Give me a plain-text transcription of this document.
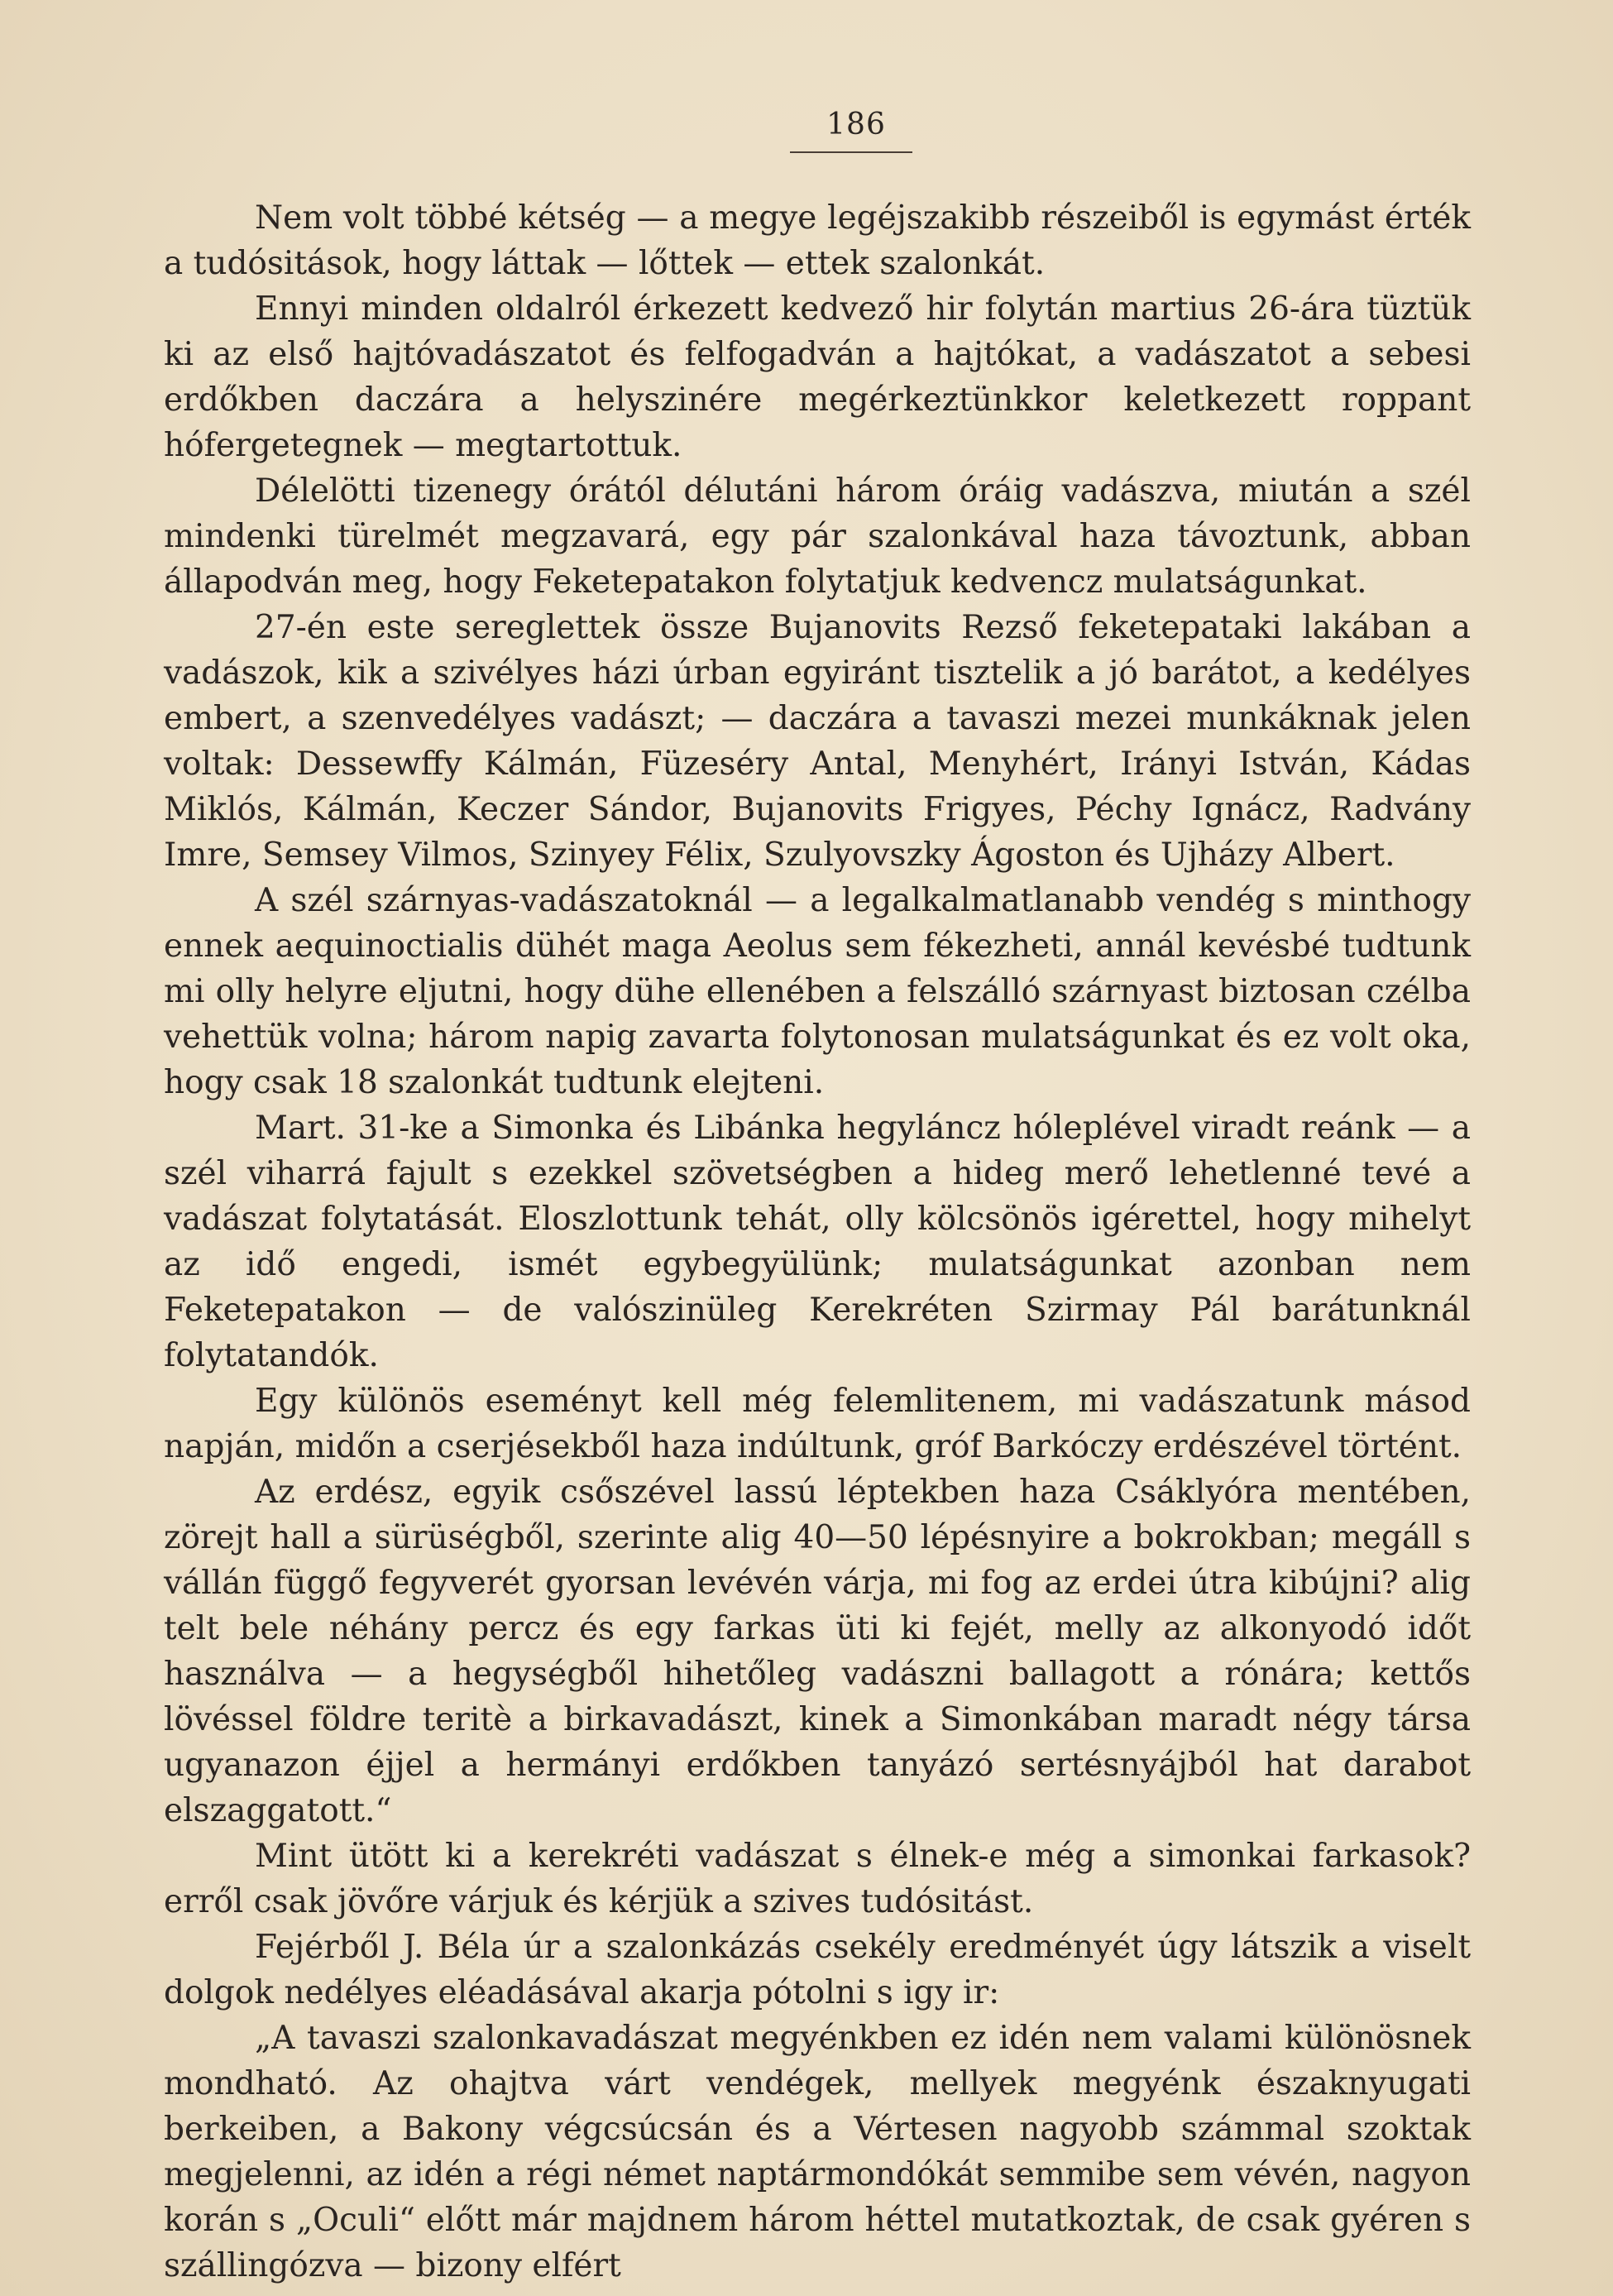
186

Nem volt többé kétség — a megye legéjszakibb részeiből is egymást érték a tudósitások, hogy láttak — lőttek — ettek szalonkát.

Ennyi minden oldalról érkezett kedvező hir folytán martius 26-ára tüztük ki az első hajtóvadászatot és felfogadván a hajtókat, a vadászatot a sebesi erdőkben daczára a helyszinére megérkeztünkkor keletkezett roppant hófergetegnek — megtartottuk.

Délelötti tizenegy órától délutáni három óráig vadászva, miután a szél mindenki türelmét megzavará, egy pár szalonkával haza távoztunk, abban állapodván meg, hogy Feketepatakon folytatjuk kedvencz mulatságunkat.

27-én este sereglettek össze Bujanovits Rezső feketepataki lakában a vadászok, kik a szivélyes házi úrban egyiránt tisztelik a jó barátot, a kedélyes embert, a szenvedélyes vadászt; — daczára a tavaszi mezei munkáknak jelen voltak: Dessewffy Kálmán, Füzeséry Antal, Menyhért, Irányi István, Kádas Miklós, Kálmán, Keczer Sándor, Bujanovits Frigyes, Péchy Ignácz, Radvány Imre, Semsey Vilmos, Szinyey Félix, Szulyovszky Ágoston és Ujházy Albert.

A szél szárnyas-vadászatoknál — a legalkalmatlanabb vendég s minthogy ennek aequinoctialis dühét maga Aeolus sem fékezheti, annál kevésbé tudtunk mi olly helyre eljutni, hogy dühe ellenében a felszálló szárnyast biztosan czélba vehettük volna; három napig zavarta folytonosan mulatságunkat és ez volt oka, hogy csak 18 szalonkát tudtunk elejteni.

Mart. 31-ke a Simonka és Libánka hegyláncz hóleplével viradt reánk — a szél viharrá fajult s ezekkel szövetségben a hideg merő lehetlenné tevé a vadászat folytatását. Eloszlottunk tehát, olly kölcsönös igérettel, hogy mihelyt az idő engedi, ismét egybegyülünk; mulatságunkat azonban nem Feketepatakon — de valószinüleg Kerekréten Szirmay Pál barátunknál folytatandók.

Egy különös eseményt kell még felemlitenem, mi vadászatunk másod napján, midőn a cserjésekből haza indúltunk, gróf Barkóczy erdészével történt.

Az erdész, egyik csőszével lassú léptekben haza Csáklyóra mentében, zörejt hall a sürüségből, szerinte alig 40—50 lépésnyire a bokrokban; megáll s vállán függő fegyverét gyorsan levévén várja, mi fog az erdei útra kibújni? alig telt bele néhány percz és egy farkas üti ki fejét, melly az alkonyodó időt használva — a hegységből hihetőleg vadászni ballagott a rónára; kettős lövéssel földre teritè a birkavadászt, kinek a Simonkában maradt négy társa ugyanazon éjjel a hermányi erdőkben tanyázó sertésnyájból hat darabot elszaggatott.“

Mint ütött ki a kerekréti vadászat s élnek-e még a simonkai farkasok? erről csak jövőre várjuk és kérjük a szives tudósitást.

Fejérből J. Béla úr a szalonkázás csekély eredményét úgy látszik a viselt dolgok nedélyes eléadásával akarja pótolni s igy ir:

„A tavaszi szalonkavadászat megyénkben ez idén nem valami különösnek mondható. Az ohajtva várt vendégek, mellyek megyénk északnyugati berkeiben, a Bakony végcsúcsán és a Vértesen nagyobb számmal szoktak megjelenni, az idén a régi német naptármondókát semmibe sem vévén, nagyon korán s „Oculi“ előtt már majdnem három héttel mutatkoztak, de csak gyéren s szállingózva — bizony elfért
